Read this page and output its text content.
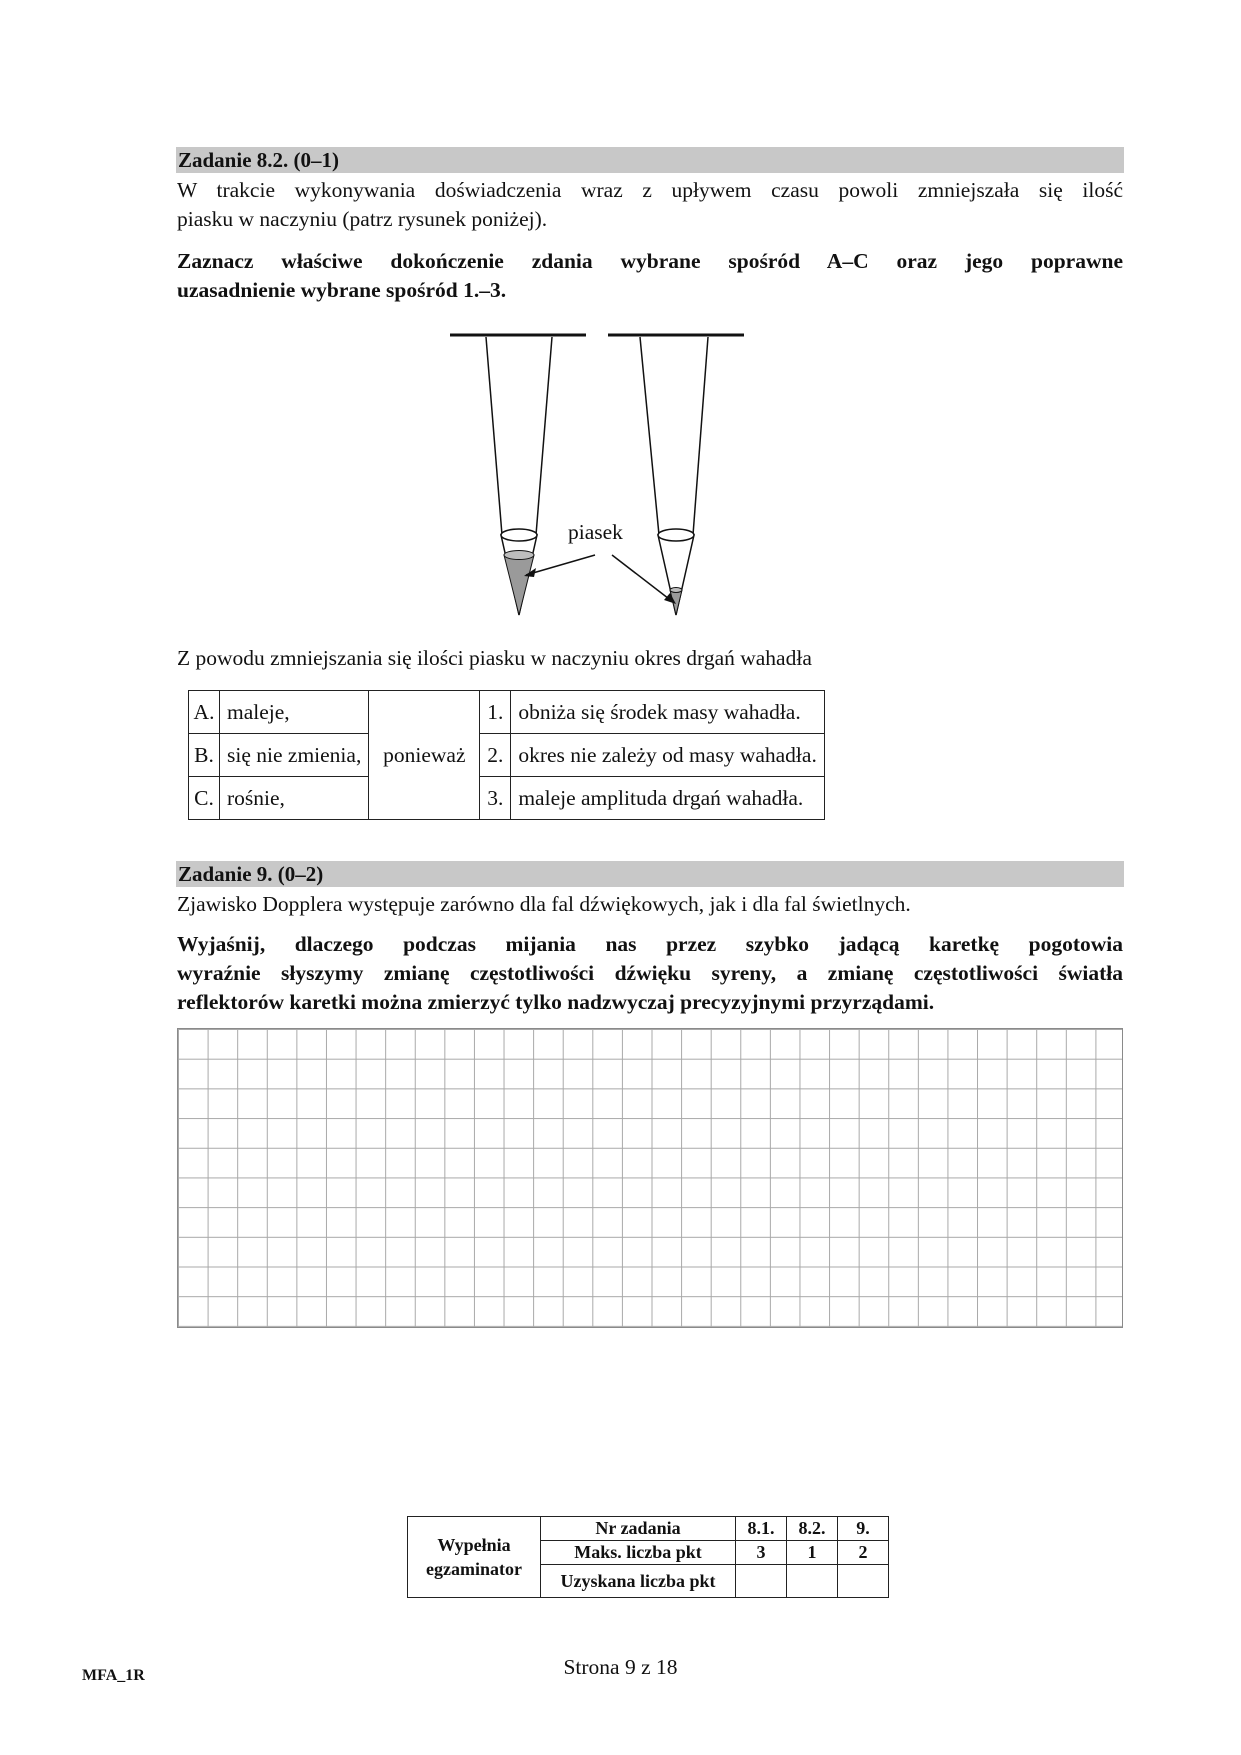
Zadanie 8.2. (0–1)
W trakcie wykonywania doświadczenia wraz z upływem czasu powoli zmniejszała się ilość
piasku w naczyniu (patrz rysunek poniżej).
Zaznacz właściwe dokończenie zdania wybrane spośród A–C oraz jego poprawne
uzasadnienie wybrane spośród 1.–3.
piasek
Z powodu zmniejszania się ilości piasku w naczyniu okres drgań wahadła
A.	maleje,	ponieważ	1.	obniża się środek masy wahadła.
B.	się nie zmienia,		2.	okres nie zależy od masy wahadła.
C.	rośnie,		3.	maleje amplituda drgań wahadła.
Zadanie 9. (0–2)
Zjawisko Dopplera występuje zarówno dla fal dźwiękowych, jak i dla fal świetlnych.
Wyjaśnij, dlaczego podczas mijania nas przez szybko jadącą karetkę pogotowia
wyraźnie słyszymy zmianę częstotliwości dźwięku syreny, a zmianę częstotliwości światła
reflektorów karetki można zmierzyć tylko nadzwyczaj precyzyjnymi przyrządami.
Wypełnia
egzaminator	Nr zadania	8.1.	8.2.	9.
	Maks. liczba pkt	3	1	2
	Uzyskana liczba pkt			
Strona 9 z 18
MFA_1R
